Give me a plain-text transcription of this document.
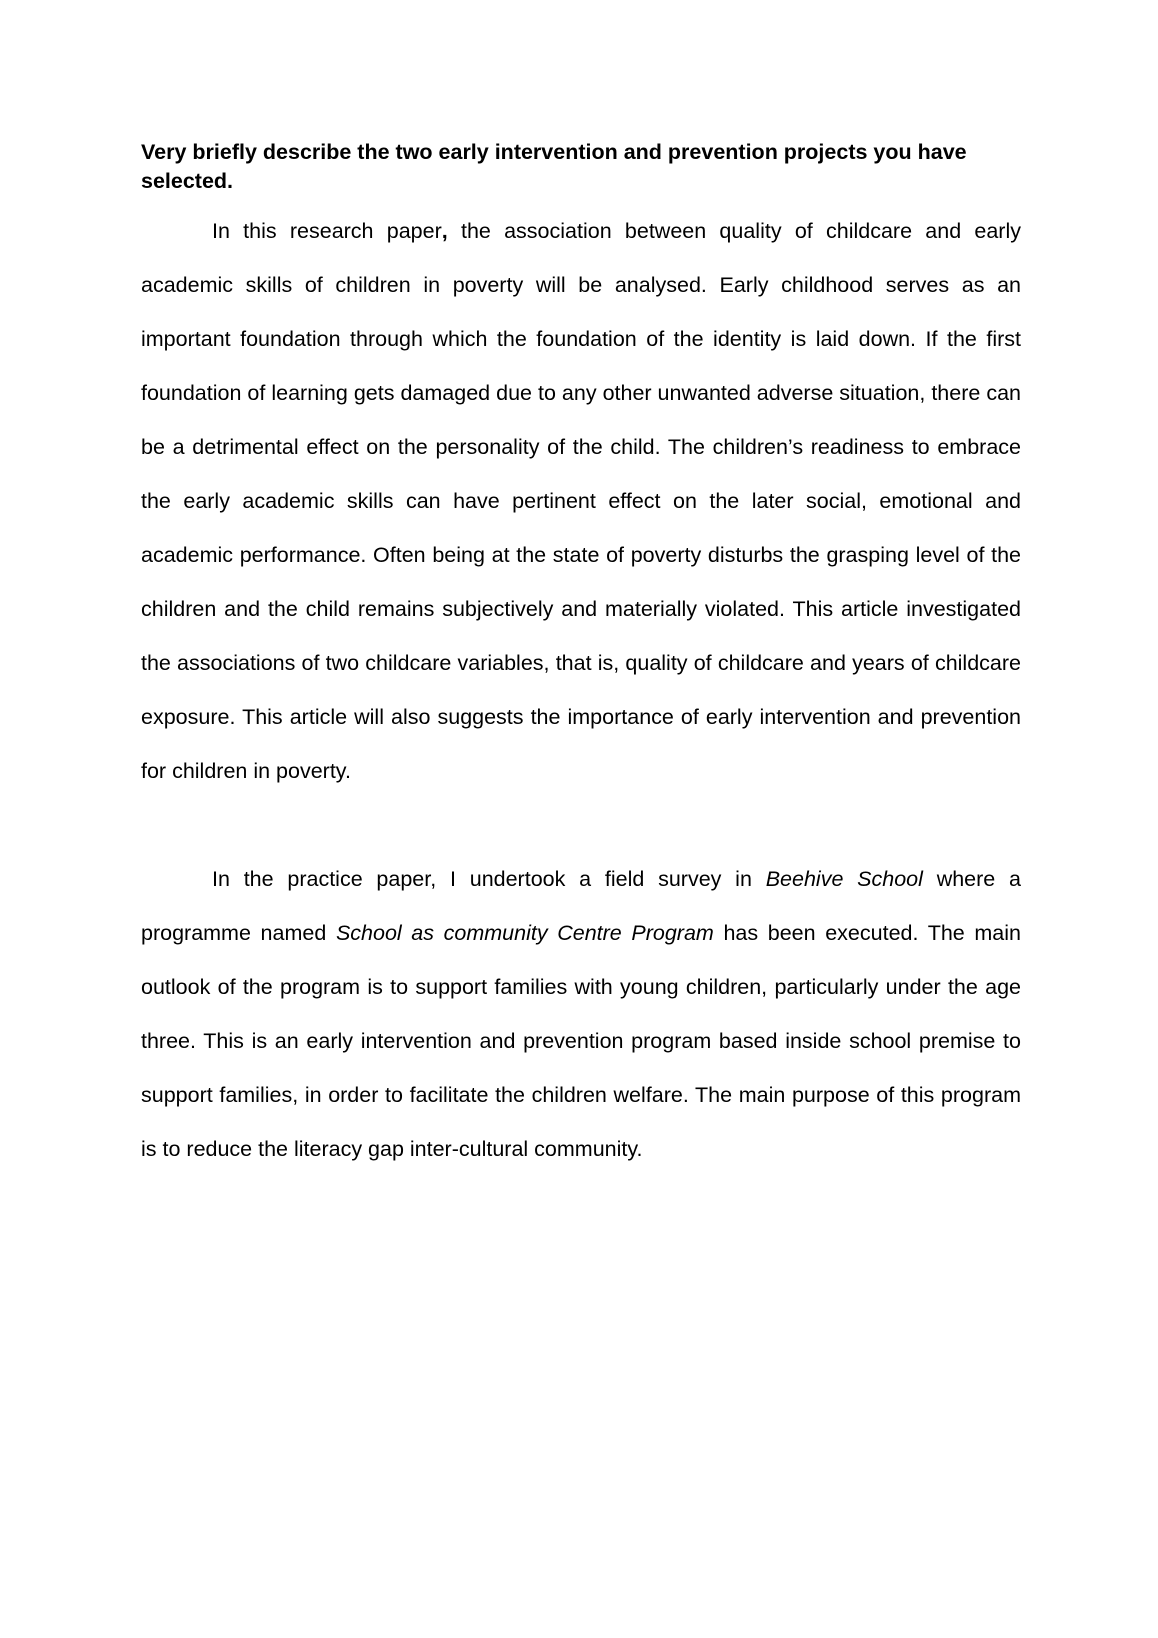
Very briefly describe the two early intervention and prevention projects you have selected.

In this research paper, the association between quality of childcare and early academic skills of children in poverty will be analysed. Early childhood serves as an important foundation through which the foundation of the identity is laid down. If the first foundation of learning gets damaged due to any other unwanted adverse situation, there can be a detrimental effect on the personality of the child. The children’s readiness to embrace the early academic skills can have pertinent effect on the later social, emotional and academic performance. Often being at the state of poverty disturbs the grasping level of the children and the child remains subjectively and materially violated. This article investigated the associations of two childcare variables, that is, quality of childcare and years of childcare exposure. This article will also suggests the importance of early intervention and prevention for children in poverty.

In the practice paper, I undertook a field survey in Beehive School where a programme named School as community Centre Program has been executed. The main outlook of the program is to support families with young children, particularly under the age three. This is an early intervention and prevention program based inside school premise to support families, in order to facilitate the children welfare. The main purpose of this program is to reduce the literacy gap inter-cultural community.
